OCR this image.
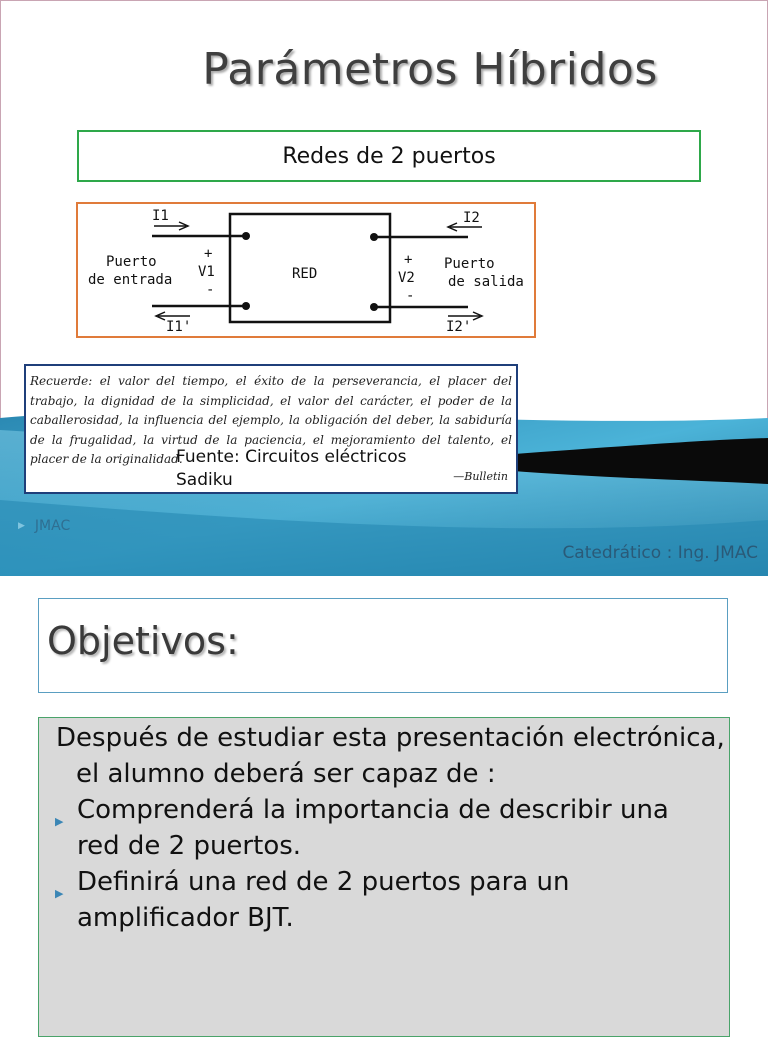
Parámetros Híbridos
Redes de 2 puertos
I1	I2
I1'	I2'
Puerto
de entrada
Puerto
de salida
+
V1
-
+
V2
-
RED
Recuerde: el valor del tiempo, el éxito de la perseverancia, el placer del trabajo, la dignidad de la simplicidad, el valor del carácter, el poder de la caballerosidad, la influencia del ejemplo, la obligación del deber, la sabiduría de la frugalidad, la virtud de la paciencia, el mejoramiento del talento, el placer de la originalidad.
Fuente: Circuitos eléctricos
Sadiku	—Bulletin
▶ JMAC
Catedrático : Ing. JMAC
Objetivos:
Después de estudiar esta presentación electrónica, el alumno deberá ser capaz de :
▶ Comprenderá la importancia de describir una red de 2 puertos.
▶ Definirá una red de 2 puertos para un amplificador BJT.
